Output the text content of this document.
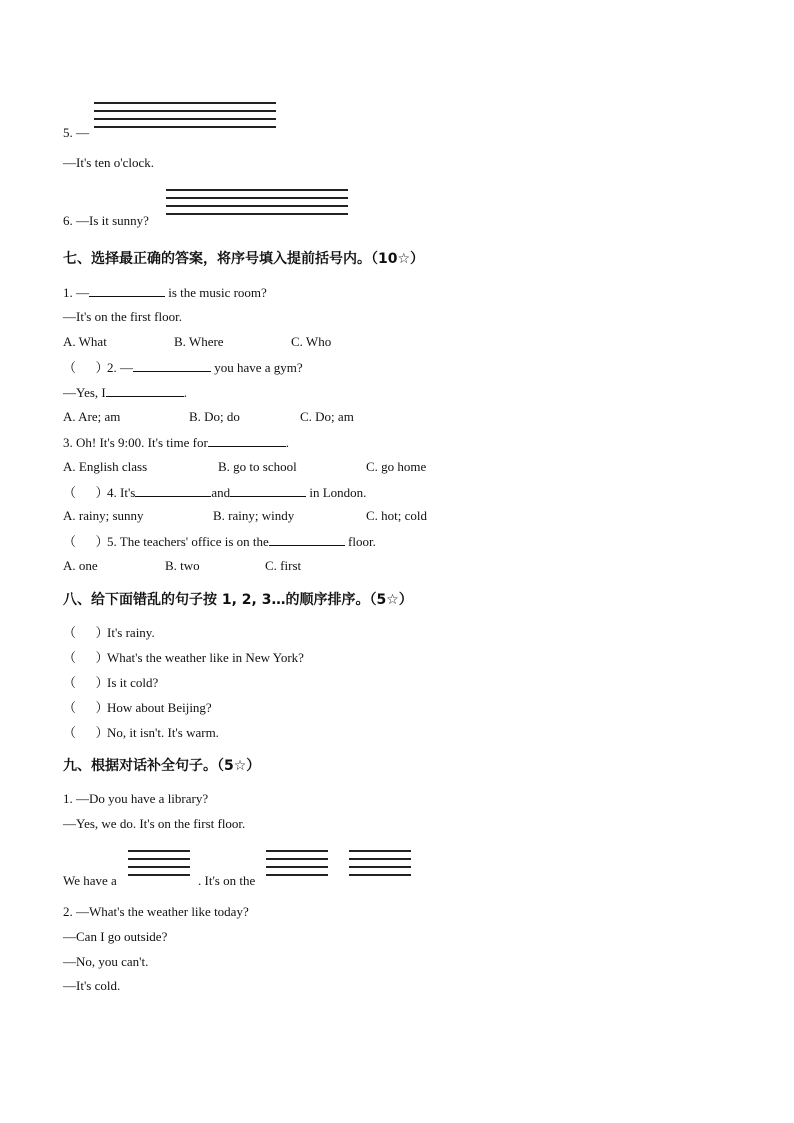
5. —
—It's ten o'clock.
6. —Is it sunny?
七、选择最正确的答案，将序号填入提前括号内。（10☆）
1. —	is the music room?
—It's on the first floor.
A. What	B. Where	C. Who
（   ）2. —	you have a gym?
—Yes, I	.
A. Are; am	B. Do; do	C. Do; am
3. Oh! It's 9:00. It's time for	.
A. English class	B. go to school	C. go home
（   ）4. It's	and	in London.
A. rainy; sunny	B. rainy; windy	C. hot; cold
（   ）5. The teachers' office is on the	floor.
A. one	B. two	C. first
八、给下面错乱的句子按 1, 2, 3…的顺序排序。（5☆）
（   ）It's rainy.
（   ）What's the weather like in New York?
（   ）Is it cold?
（   ）How about Beijing?
（   ）No, it isn't. It's warm.
九、根据对话补全句子。（5☆）
1. —Do you have a library?
—Yes, we do. It's on the first floor.
We have a	. It's on the
2. —What's the weather like today?
—Can I go outside?
—No, you can't.
—It's cold.
